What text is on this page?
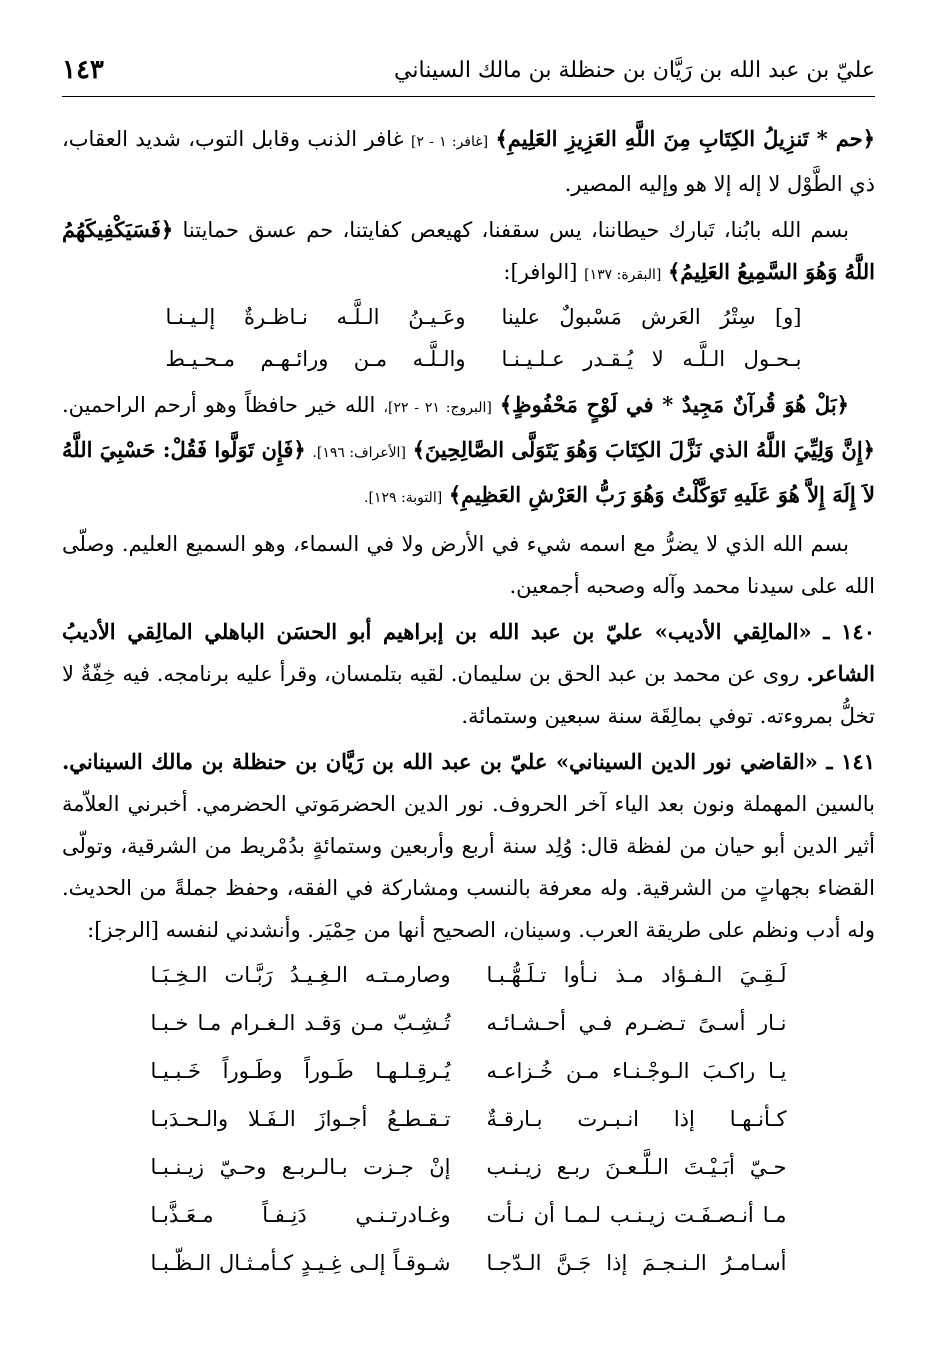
عليّ بن عبد الله بن رَيَّان بن حنظلة بن مالك السيناني
١٤٣

﴿حم * تَنزِيلُ الكِتَابِ مِنَ اللَّهِ العَزِيزِ العَلِيمِ﴾ [غافر: ١ - ٢] غافر الذنب وقابل التوب، شديد العقاب، ذي الطَّوْل لا إله إلا هو وإليه المصير.

بسم الله بابُنا، تَبارك حيطاننا، يس سقفنا، كهيعص كفايتنا، حم عسق حمايتنا ﴿فَسَيَكْفِيكَهُمُ اللَّهُ وَهُوَ السَّمِيعُ العَلِيمُ﴾ [البقرة: ١٣٧] [الوافر]:

[و] سِتْرُ العَرش مَسْبولٌ علينا
وعَـيـنُ الـلَّـه نـاظـرةٌ إلـيـنـا
بـحـول الـلَّـه لا يُـقـدر عـلـيـنـا
والـلَّـه مـن ورائـهـم مـحـيـط

﴿بَلْ هُوَ قُرآنٌ مَجِيدٌ * في لَوْحٍ مَحْفُوظٍ﴾ [البروج: ٢١ - ٢٢]، الله خير حافظاً وهو أرحم الراحمين. ﴿إِنَّ وَلِيِّيَ اللَّهُ الذي نَزَّلَ الكِتَابَ وَهُوَ يَتَوَلَّى الصَّالِحِينَ﴾ [الأعراف: ١٩٦]. ﴿فَإِن تَوَلَّوا فَقُلْ: حَسْبِيَ اللَّهُ لاَ إِلَهَ إِلاَّ هُوَ عَلَيهِ تَوَكَّلْتُ وَهُوَ رَبُّ العَرْشِ العَظِيمِ﴾ [التوبة: ١٢٩].

بسم الله الذي لا يضرُّ مع اسمه شيء في الأرض ولا في السماء، وهو السميع العليم. وصلّى الله على سيدنا محمد وآله وصحبه أجمعين.

١٤٠ ـ «المالِقي الأديب» عليّ بن عبد الله بن إبراهيم أبو الحسَن الباهلي المالِقي الأديبُ الشاعر. روى عن محمد بن عبد الحق بن سليمان. لقيه بتلمسان، وقرأ عليه برنامجه. فيه خِفّةٌ لا تخلُّ بمروءته. توفي بمالِقَة سنة سبعين وستمائة.

١٤١ ـ «القاضي نور الدين السيناني» عليّ بن عبد الله بن رَيَّان بن حنظلة بن مالك السيناني. بالسين المهملة ونون بعد الياء آخر الحروف. نور الدين الحضرمَوتي الحضرمي. أخبرني العلاّمة أثير الدين أبو حيان من لفظة قال: وُلِد سنة أربع وأربعين وستمائةٍ بدُمْريط من الشرقية، وتولّى القضاء بجهاتٍ من الشرقية. وله معرفة بالنسب ومشاركة في الفقه، وحفظ جملةً من الحديث. وله أدب ونظم على طريقة العرب. وسينان، الصحيح أنها من حِمْيَر. وأنشدني لنفسه [الرجز]:

لَـقِـيَ الـفـؤاد مـذ نـأوا تـلَـهُّـبـا
وصارمـتـه الـغِـيـدُ رَبَّـات الـخِـبَـا
نـار أسـىً تـضـرم فـي أحـشـائـه
تُـشِـبّ مـن وَقـد الـغـرام مـا خـبـا
يـا راكـبَ الـوجْـنـاء مـن خُـزاعـه
يُـرقِـلـهـا طَـوراً وطَـوراً خَـبـيـا
كـأنـهـا إذا انـبـرت بـارقـةٌ
تـقـطـعُ أجـوازَ الـفَـلا والـحـدَبـا
حـيّ أبَـيْـتَ الـلَّـعـنَ ربـع زيـنـب
إنْ جـزت بـالـربـع وحـيّ زيـنـبـا
مـا أنـصـفَـت زيـنـب لـمـا أن نـأت
وغـادرتـنـي دَنِـفـاً مـعَـذَّبـا
أسـامـرُ الـنـجـمَ إذا جَـنَّ الـدّجـا
شـوقـاً إلـى غِـيـدٍ كـأمـثـال الـظّـبـا
